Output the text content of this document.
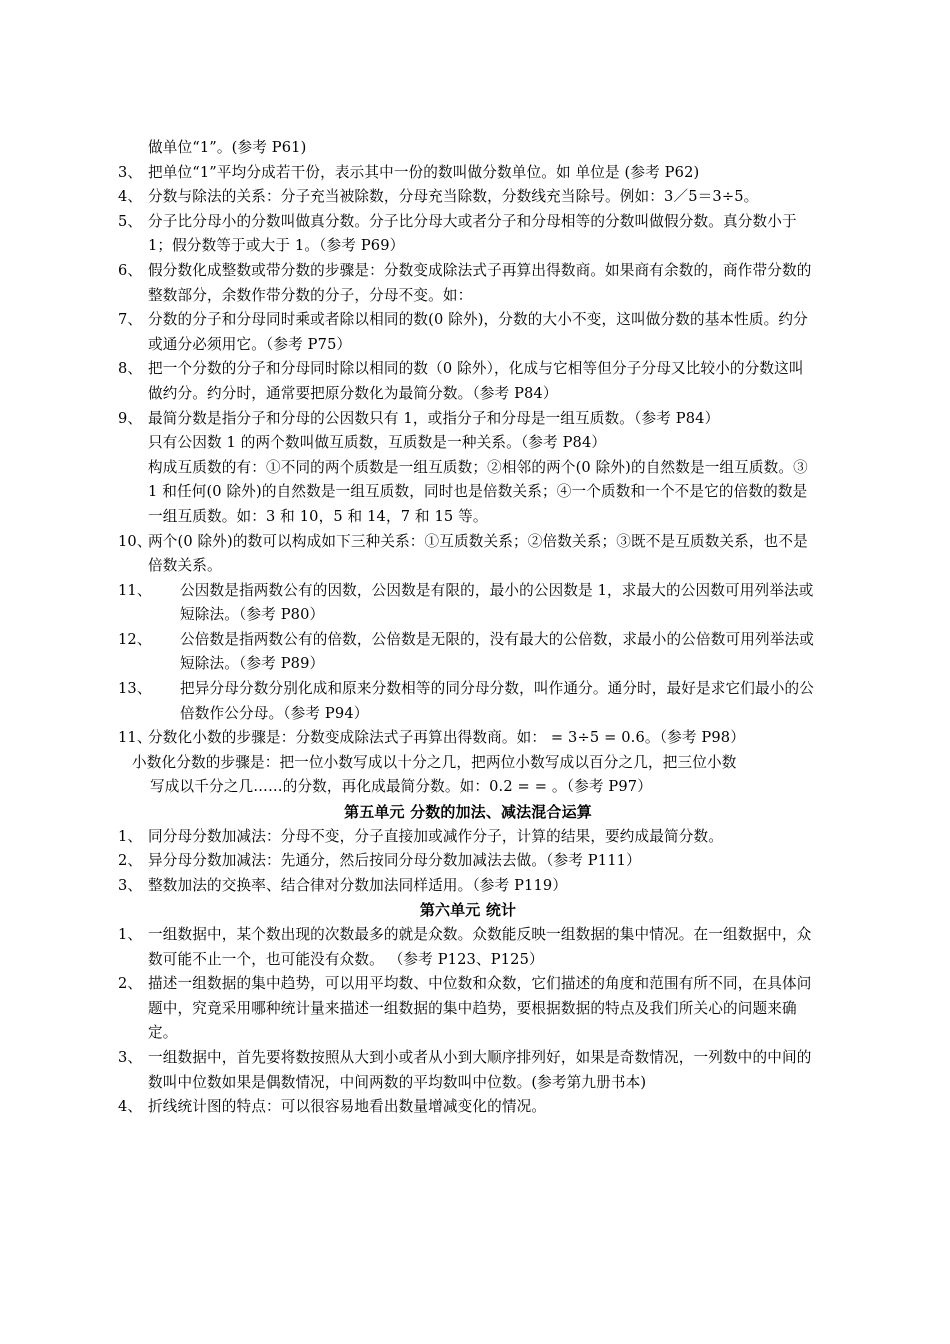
做单位“1”。(参考 P61)
3、 把单位“1”平均分成若干份，表示其中一份的数叫做分数单位。如 单位是 (参考 P62)
4、 分数与除法的关系：分子充当被除数，分母充当除数，分数线充当除号。例如：3／5＝3÷5。
5、 分子比分母小的分数叫做真分数。分子比分母大或者分子和分母相等的分数叫做假分数。真分数小于 1；假分数等于或大于 1。（参考 P69）
6、 假分数化成整数或带分数的步骤是：分数变成除法式子再算出得数商。如果商有余数的，商作带分数的整数部分，余数作带分数的分子，分母不变。如：
7、 分数的分子和分母同时乘或者除以相同的数(0 除外)，分数的大小不变，这叫做分数的基本性质。约分或通分必须用它。（参考 P75）
8、 把一个分数的分子和分母同时除以相同的数（0 除外），化成与它相等但分子分母又比较小的分数这叫做约分。约分时，通常要把原分数化为最简分数。（参考 P84）
9、 最简分数是指分子和分母的公因数只有 1，或指分子和分母是一组互质数。（参考 P84）
只有公因数 1 的两个数叫做互质数，互质数是一种关系。（参考 P84）
构成互质数的有：①不同的两个质数是一组互质数；②相邻的两个(0 除外)的自然数是一组互质数。③ 1 和任何(0 除外)的自然数是一组互质数，同时也是倍数关系；④一个质数和一个不是它的倍数的数是一组互质数。如：3 和 10，5 和 14，7 和 15 等。
10、
两个(0 除外)的数可以构成如下三种关系：①互质数关系；②倍数关系；③既不是互质数关系，也不是倍数关系。
11、	公因数是指两数公有的因数，公因数是有限的，最小的公因数是 1，求最大的公因数可用列举法或短除法。（参考 P80）
12、	公倍数是指两数公有的倍数，公倍数是无限的，没有最大的公倍数，求最小的公倍数可用列举法或短除法。（参考 P89）
13、	把异分母分数分别化成和原来分数相等的同分母分数，叫作通分。通分时，最好是求它们最小的公倍数作公分母。（参考 P94）
11、
分数化小数的步骤是：分数变成除法式子再算出得数商。如： = 3÷5 = 0.6。（参考 P98）
小数化分数的步骤是：把一位小数写成以十分之几，把两位小数写成以百分之几，把三位小数
写成以千分之几……的分数，再化成最简分数。如：0.2 = = 。（参考 P97）
第五单元 分数的加法、减法混合运算
1、 同分母分数加减法：分母不变，分子直接加或减作分子，计算的结果，要约成最简分数。
2、 异分母分数加减法：先通分，然后按同分母分数加减法去做。（参考 P111）
3、 整数加法的交换率、结合律对分数加法同样适用。（参考 P119）
第六单元 统计
1、 一组数据中，某个数出现的次数最多的就是众数。众数能反映一组数据的集中情况。在一组数据中，众数可能不止一个，也可能没有众数。 （参考 P123、P125）
2、 描述一组数据的集中趋势，可以用平均数、中位数和众数，它们描述的角度和范围有所不同，在具体问题中，究竟采用哪种统计量来描述一组数据的集中趋势，要根据数据的特点及我们所关心的问题来确定。
3、 一组数据中，首先要将数按照从大到小或者从小到大顺序排列好，如果是奇数情况，一列数中的中间的数叫中位数如果是偶数情况，中间两数的平均数叫中位数。(参考第九册书本)
4、 折线统计图的特点：可以很容易地看出数量增减变化的情况。
